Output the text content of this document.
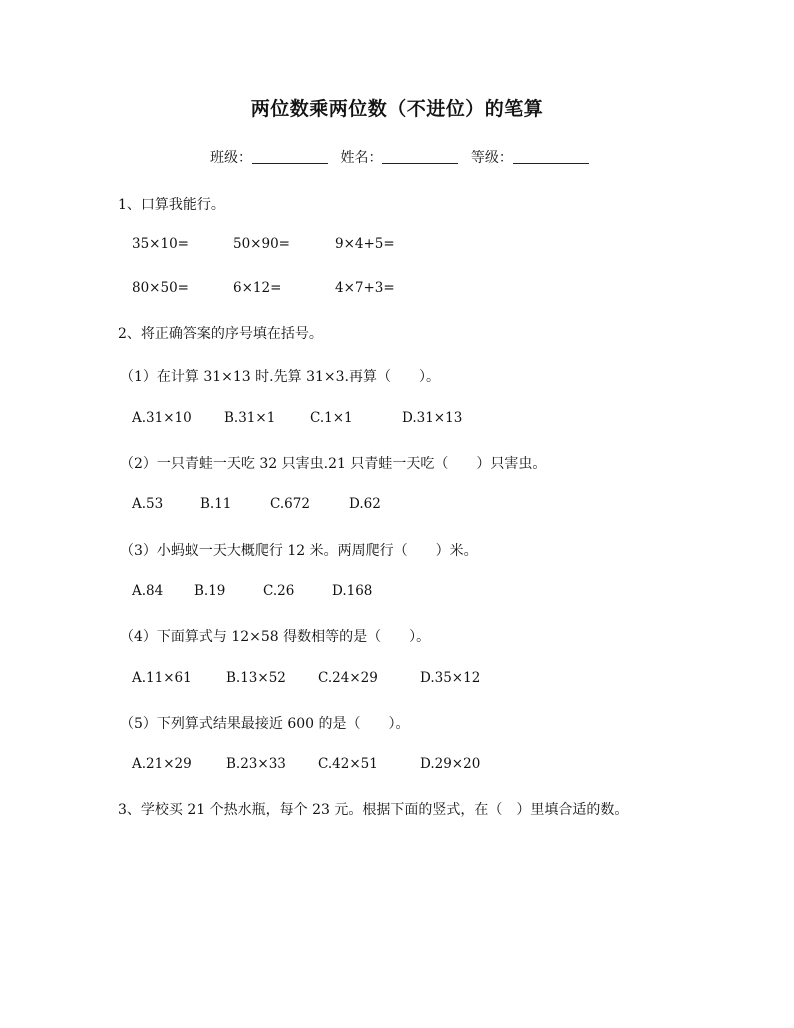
两位数乘两位数（不进位）的笔算
班级：	姓名：	等级：
1、口算我能行。
35×10=	50×90=	9×4+5=
80×50=	6×12=	4×7+3=
2、将正确答案的序号填在括号。
（1）在计算 31×13 时.先算 31×3.再算（　　）。
A.31×10 B.31×1	C.1×1	D.31×13
（2）一只青蛙一天吃 32 只害虫.21 只青蛙一天吃（　　）只害虫。
A.53	B.11	C.672	D.62
（3）小蚂蚁一天大概爬行 12 米。两周爬行（　　）米。
A.84 B.19	C.26	D.168
（4）下面算式与 12×58 得数相等的是（　　）。
A.11×61	B.13×52 C.24×29	D.35×12
（5）下列算式结果最接近 600 的是（　　）。
A.21×29	B.23×33 C.42×51	D.29×20
3、学校买 21 个热水瓶，每个 23 元。根据下面的竖式，在（　）里填合适的数。
